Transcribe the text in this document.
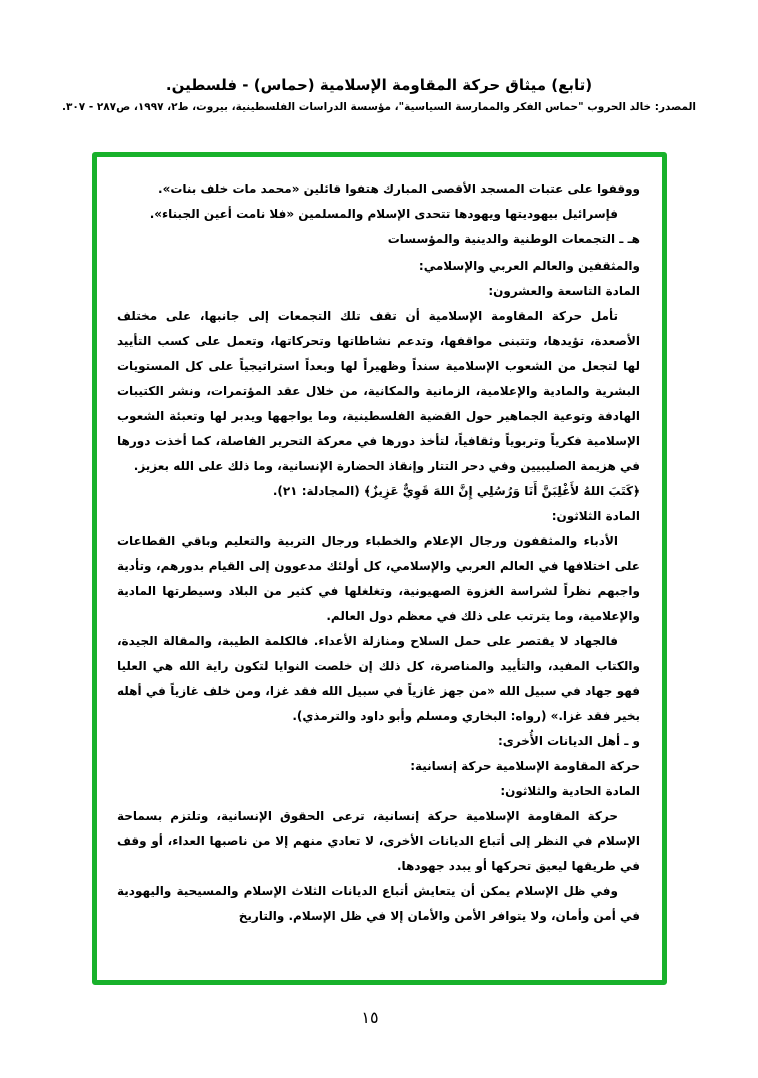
(تابع) ميثاق حركة المقاومة الإسلامية (حماس) - فلسطين.
المصدر: خالد الحروب "حماس الفكر والممارسة السياسية"، مؤسسة الدراسات الفلسطينية، بيروت، ط٢، ١٩٩٧، ص٢٨٧ - ٣٠٧.

ووقفوا على عتبات المسجد الأقصى المبارك هتفوا قائلين «محمد مات خلف بنات».

فإسرائيل بيهوديتها ويهودها تتحدى الإسلام والمسلمين «فلا نامت أعين الجبناء».

هـ ـ التجمعات الوطنية والدينية والمؤسسات
والمثقفين والعالم العربي والإسلامي:
المادة التاسعة والعشرون:

تأمل حركة المقاومة الإسلامية أن تقف تلك التجمعات إلى جانبها، على مختلف الأصعدة، تؤيدها، وتتبنى مواقفها، وتدعم نشاطاتها وتحركاتها، وتعمل على كسب التأييد لها لتجعل من الشعوب الإسلامية سنداً وظهيراً لها وبعداً استراتيجياً على كل المستويات البشرية والمادية والإعلامية، الزمانية والمكانية، من خلال عقد المؤتمرات، ونشر الكتيبات الهادفة وتوعية الجماهير حول القضية الفلسطينية، وما يواجهها ويدبر لها وتعبئة الشعوب الإسلامية فكرياً وتربوياً وثقافياً، لتأخذ دورها في معركة التحرير الفاصلة، كما أخذت دورها في هزيمة الصليبيين وفي دحر التتار وإنقاذ الحضارة الإنسانية، وما ذلك على الله بعزيز.

﴿كَتَبَ اللهُ لأَغْلِبَنَّ أَنَا وَرُسُلِي إِنَّ اللهَ قَوِيٌّ عَزِيزٌ﴾ (المجادلة: ٢١).

المادة الثلاثون:

الأدباء والمثقفون ورجال الإعلام والخطباء ورجال التربية والتعليم وباقي القطاعات على اختلافها في العالم العربي والإسلامي، كل أولئك مدعوون إلى القيام بدورهم، وتأدية واجبهم نظراً لشراسة الغزوة الصهيونية، وتغلغلها في كثير من البلاد وسيطرتها المادية والإعلامية، وما يترتب على ذلك في معظم دول العالم.

فالجهاد لا يقتصر على حمل السلاح ومنازلة الأعداء. فالكلمة الطيبة، والمقالة الجيدة، والكتاب المفيد، والتأييد والمناصرة، كل ذلك إن خلصت النوايا لتكون راية الله هي العليا فهو جهاد في سبيل الله «من جهز غازياً في سبيل الله فقد غزا، ومن خلف غازياً في أهله بخير فقد غزا.» (رواه: البخاري ومسلم وأبو داود والترمذي).

و ـ أهل الديانات الأُخرى:
حركة المقاومة الإسلامية حركة إنسانية:
المادة الحادية والثلاثون:

حركة المقاومة الإسلامية حركة إنسانية، ترعى الحقوق الإنسانية، وتلتزم بسماحة الإسلام في النظر إلى أتباع الديانات الأخرى، لا تعادي منهم إلا من ناصبها العداء، أو وقف في طريقها ليعيق تحركها أو يبدد جهودها.

وفي ظل الإسلام يمكن أن يتعايش أتباع الديانات الثلاث الإسلام والمسيحية واليهودية في أمن وأمان، ولا يتوافر الأمن والأمان إلا في ظل الإسلام. والتاريخ

١٥
